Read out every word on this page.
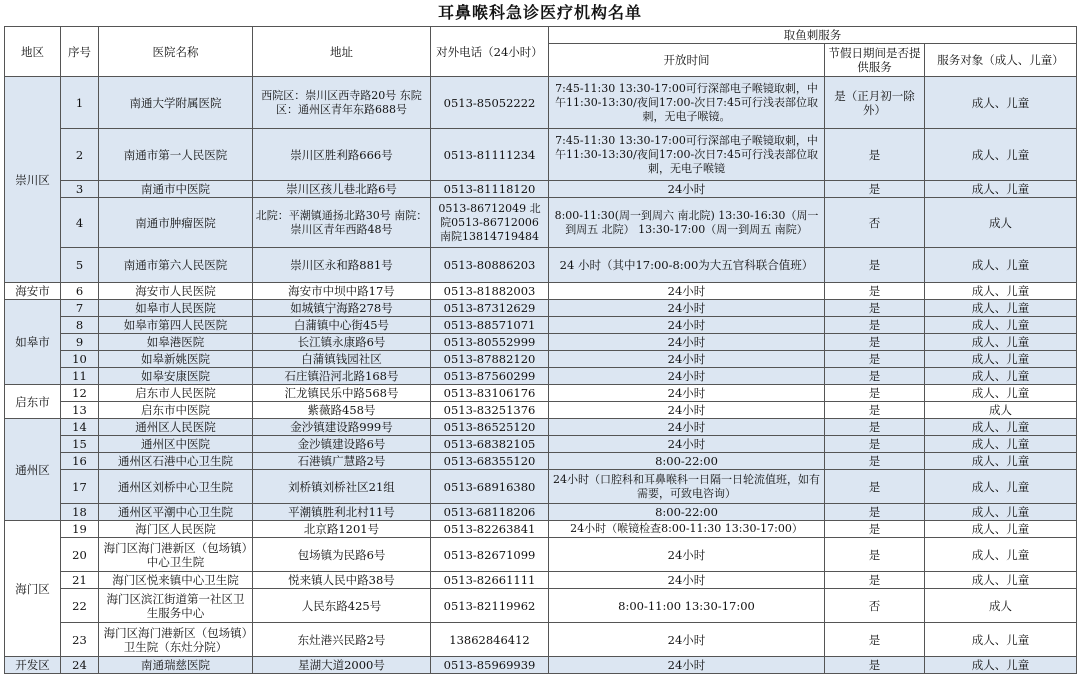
耳鼻喉科急诊医疗机构名单
地区	序号	医院名称	地址	对外电话（24小时）	取鱼刺服务		
					开放时间	节假日期间是否提供服务	服务对象（成人、儿童）
崇川区	1	南通大学附属医院	西院区：崇川区西寺路20号 东院区：通州区青年东路688号	0513-85052222	7:45-11:30 13:30-17:00可行深部电子喉镜取刺，中午11:30-13:30/夜间17:00-次日7:45可行浅表部位取刺，无电子喉镜。	是（正月初一除外）	成人、儿童
	2	南通市第一人民医院	崇川区胜利路666号	0513-81111234	7:45-11:30 13:30-17:00可行深部电子喉镜取刺，中午11:30-13:30/夜间17:00-次日7:45可行浅表部位取刺，无电子喉镜	是	成人、儿童
	3	南通市中医院	崇川区孩儿巷北路6号	0513-81118120	24小时	是	成人、儿童
	4	南通市肿瘤医院	北院：平潮镇通扬北路30号 南院：崇川区青年西路48号	0513-86712049 北院0513-86712006 南院13814719484	8:00-11:30(周一到周六 南北院) 13:30-16:30（周一到周五 北院） 13:30-17:00（周一到周五 南院）	否	成人
	5	南通市第六人民医院	崇川区永和路881号	0513-80886203	24 小时（其中17:00-8:00为大五官科联合值班）	是	成人、儿童
海安市	6	海安市人民医院	海安市中坝中路17号	0513-81882003	24小时	是	成人、儿童
如皋市	7	如皋市人民医院	如城镇宁海路278号	0513-87312629	24小时	是	成人、儿童
	8	如皋市第四人民医院	白蒲镇中心街45号	0513-88571071	24小时	是	成人、儿童
	9	如皋港医院	长江镇永康路6号	0513-80552999	24小时	是	成人、儿童
	10	如皋新姚医院	白蒲镇钱园社区	0513-87882120	24小时	是	成人、儿童
	11	如皋安康医院	石庄镇沿河北路168号	0513-87560299	24小时	是	成人、儿童
启东市	12	启东市人民医院	汇龙镇民乐中路568号	0513-83106176	24小时	是	成人、儿童
	13	启东市中医院	紫薇路458号	0513-83251376	24小时	是	成人
通州区	14	通州区人民医院	金沙镇建设路999号	0513-86525120	24小时	是	成人、儿童
	15	通州区中医院	金沙镇建设路6号	0513-68382105	24小时	是	成人、儿童
	16	通州区石港中心卫生院	石港镇广慧路2号	0513-68355120	8:00-22:00	是	成人、儿童
	17	通州区刘桥中心卫生院	刘桥镇刘桥社区21组	0513-68916380	24小时（口腔科和耳鼻喉科一日隔一日轮流值班，如有需要，可致电咨询）	是	成人、儿童
	18	通州区平潮中心卫生院	平潮镇胜利北村11号	0513-68118206	8:00-22:00	是	成人、儿童
海门区	19	海门区人民医院	北京路1201号	0513-82263841	24小时（喉镜检查8:00-11:30 13:30-17:00）	是	成人、儿童
	20	海门区海门港新区（包场镇）中心卫生院	包场镇为民路6号	0513-82671099	24小时	是	成人、儿童
	21	海门区悦来镇中心卫生院	悦来镇人民中路38号	0513-82661111	24小时	是	成人、儿童
	22	海门区滨江街道第一社区卫生服务中心	人民东路425号	0513-82119962	8:00-11:00 13:30-17:00	否	成人
	23	海门区海门港新区（包场镇）卫生院（东灶分院）	东灶港兴民路2号	13862846412	24小时	是	成人、儿童
开发区	24	南通瑞慈医院	星湖大道2000号	0513-85969939	24小时	是	成人、儿童
